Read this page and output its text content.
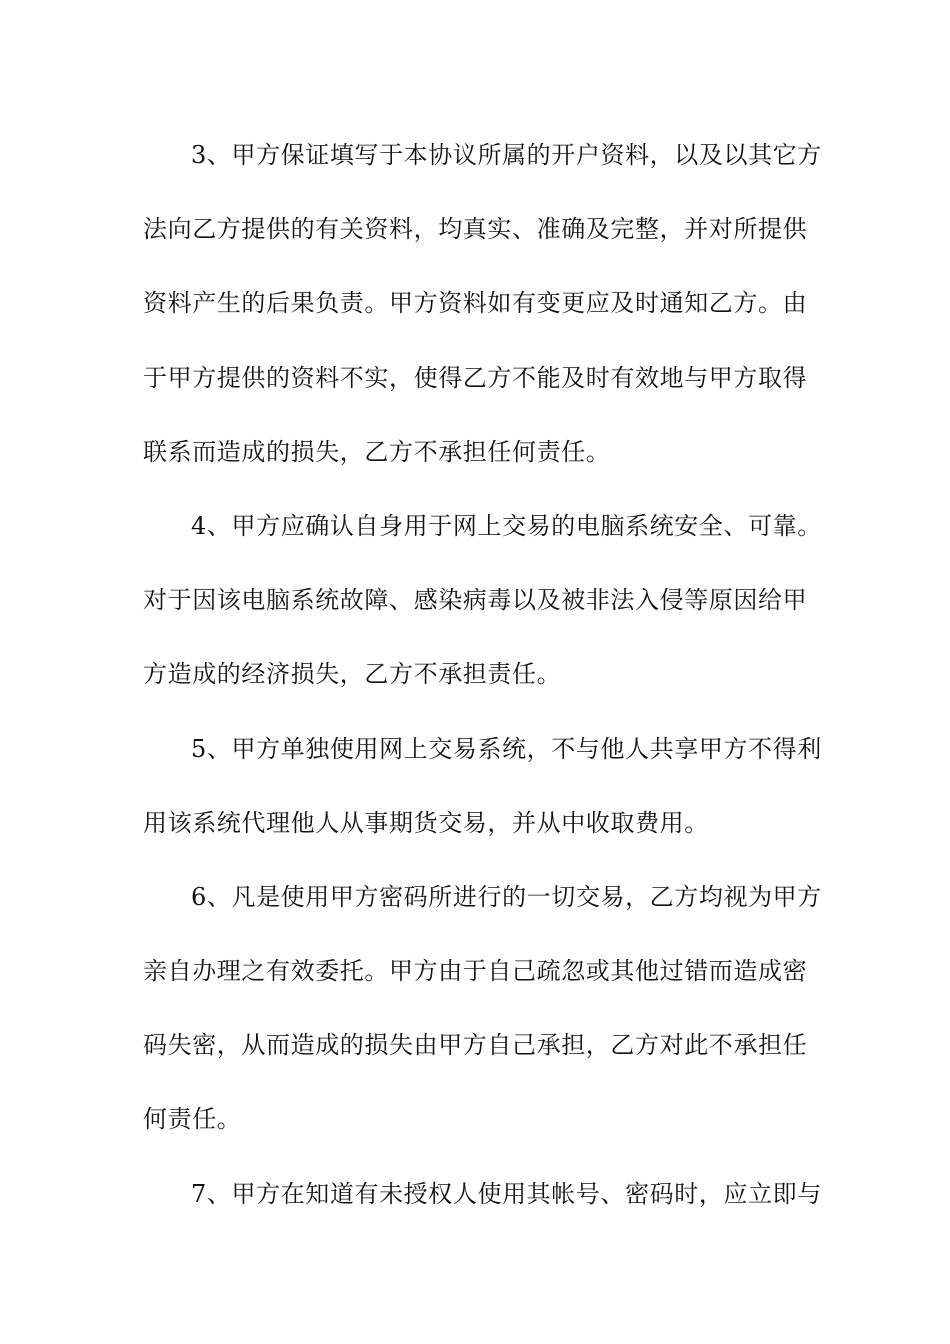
3、甲方保证填写于本协议所属的开户资料，以及以其它方
法向乙方提供的有关资料，均真实、准确及完整，并对所提供
资料产生的后果负责。甲方资料如有变更应及时通知乙方。由
于甲方提供的资料不实，使得乙方不能及时有效地与甲方取得
联系而造成的损失，乙方不承担任何责任。
4、甲方应确认自身用于网上交易的电脑系统安全、可靠。
对于因该电脑系统故障、感染病毒以及被非法入侵等原因给甲
方造成的经济损失，乙方不承担责任。
5、甲方单独使用网上交易系统，不与他人共享甲方不得利
用该系统代理他人从事期货交易，并从中收取费用。
6、凡是使用甲方密码所进行的一切交易，乙方均视为甲方
亲自办理之有效委托。甲方由于自己疏忽或其他过错而造成密
码失密，从而造成的损失由甲方自己承担，乙方对此不承担任
何责任。
7、甲方在知道有未授权人使用其帐号、密码时，应立即与
